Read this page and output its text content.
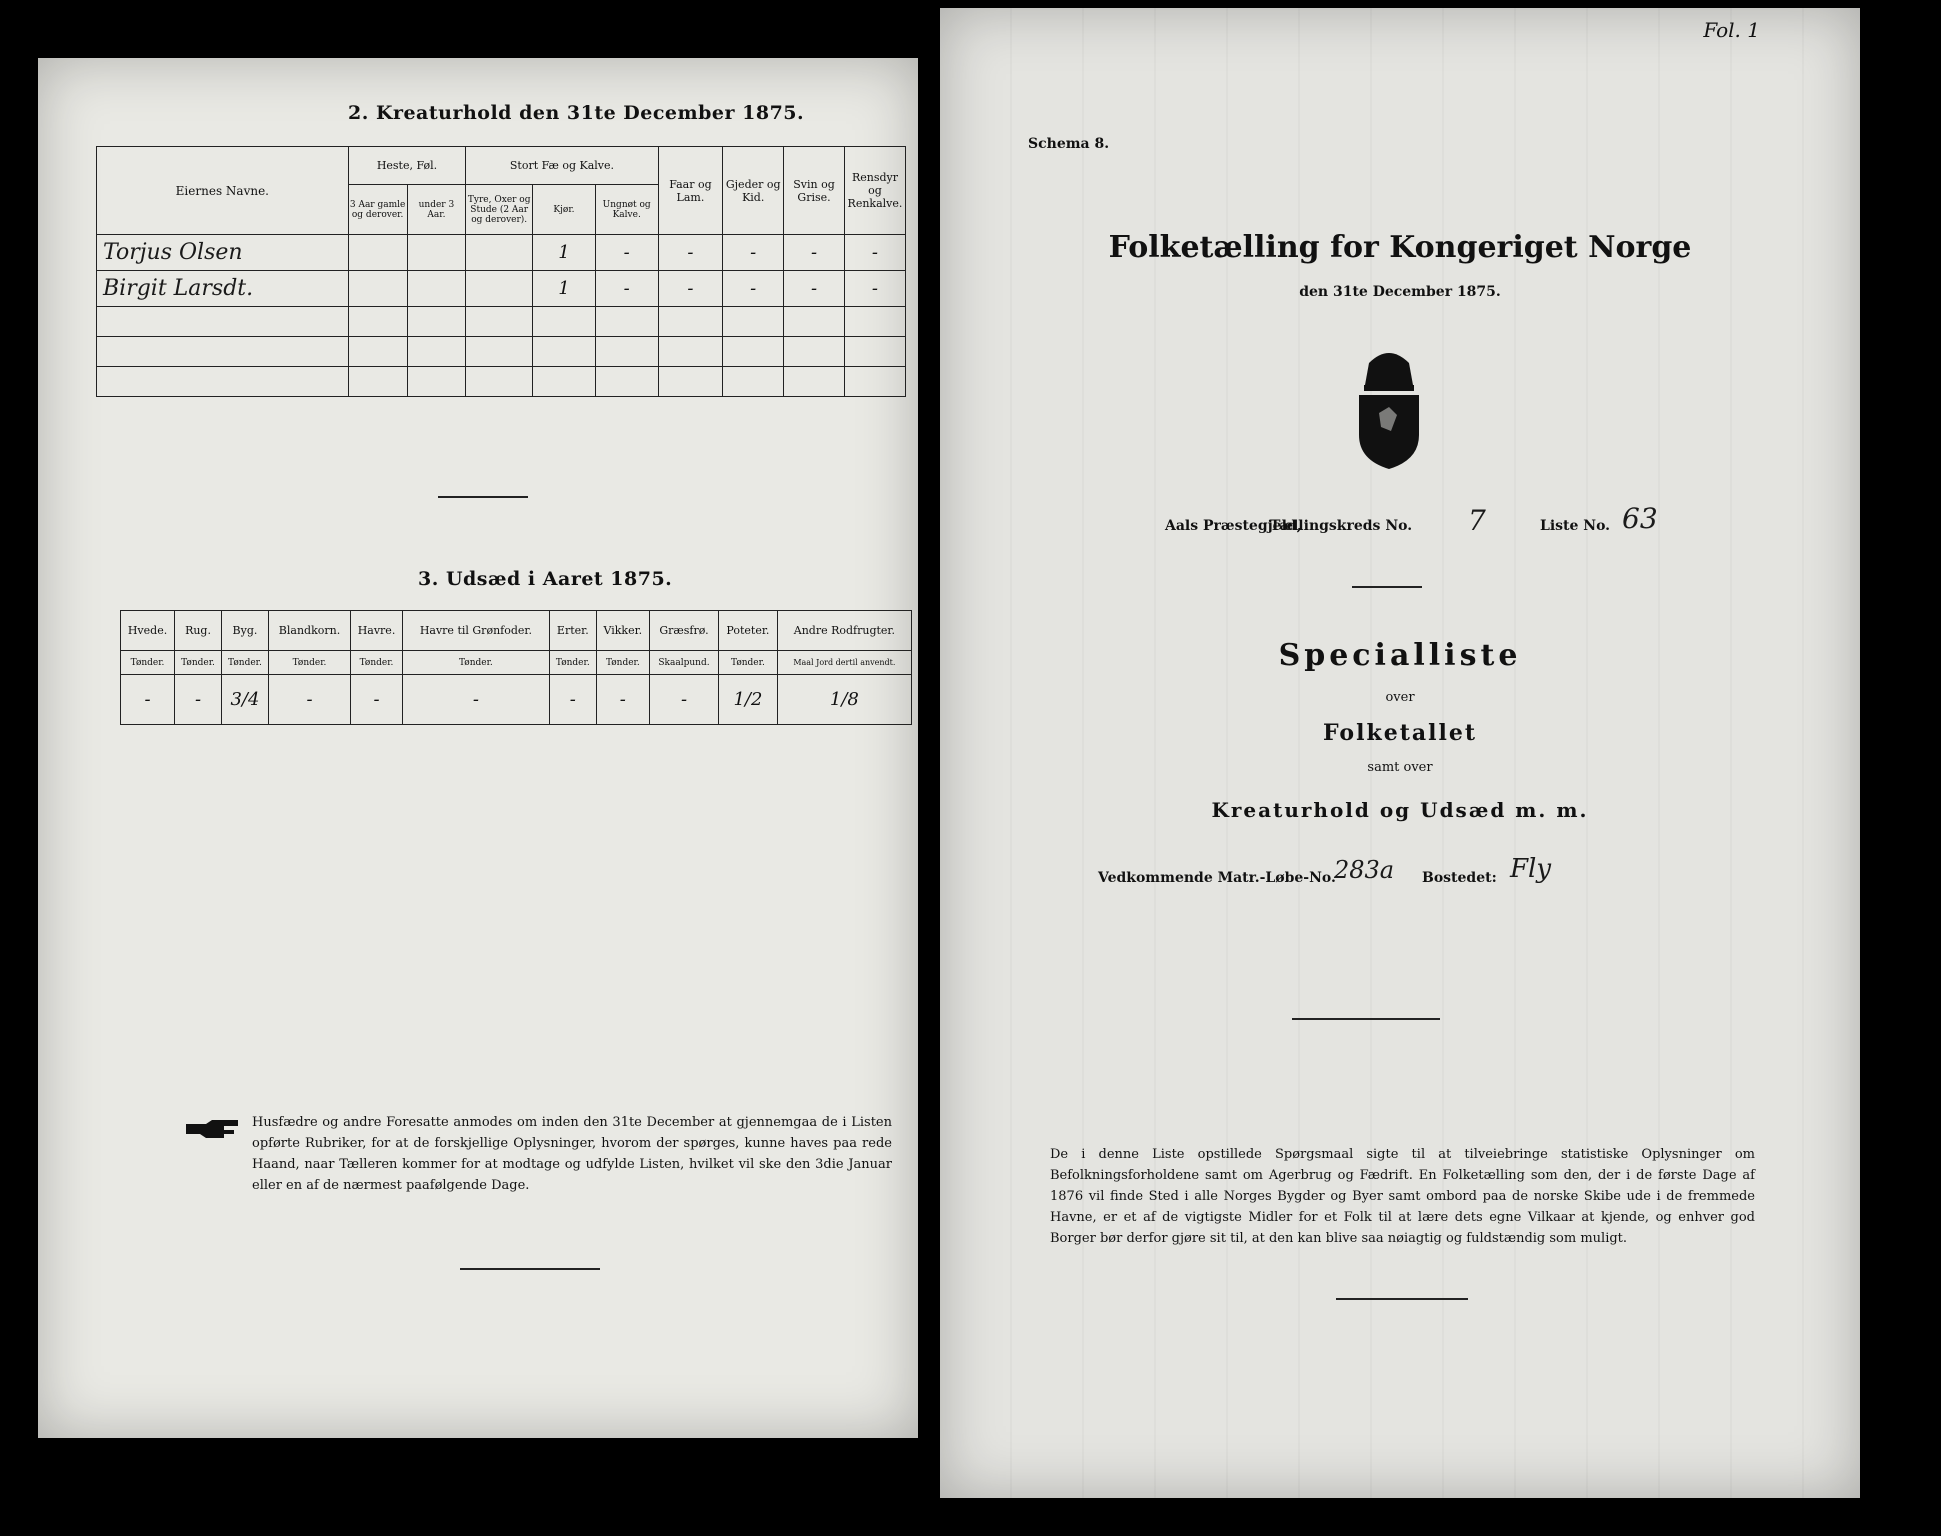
2. Kreaturhold den 31te December 1875.
Eiernes Navne.	Heste, Føl.		Stort Fæ og Kalve.			Faar og Lam.	Gjeder og Kid.	Svin og Grise.	Rensdyr og Renkalve.
	3 Aar gamle og derover.	under 3 Aar.	Tyre, Oxer og Stude (2 Aar og derover).	Kjør.	Ungnøt og Kalve.				
Torjus Olsen				1	-	-	-	-	-
Birgit Larsdt.				1	-	-	-	-	-

3. Udsæd i Aaret 1875.
Hvede.	Rug.	Byg.	Blandkorn.	Havre.	Havre til Grønfoder.	Erter.	Vikker.	Græsfrø.	Poteter.	Andre Rodfrugter.
Tønder.	Tønder.	Tønder.	Tønder.	Tønder.	Tønder.	Tønder.	Tønder.	Skaalpund.	Tønder.	Maal Jord dertil anvendt.
-	-	3/4	-	-	-	-	-	-	1/2	1/8
Husfædre og andre Foresatte anmodes om inden den 31te December at gjennemgaa de i Listen opførte Rubriker, for at de forskjellige Oplysninger, hvorom der spørges, kunne haves paa rede Haand, naar Tælleren kommer for at modtage og udfylde Listen, hvilket vil ske den 3die Januar eller en af de nærmest paafølgende Dage.
Schema 8.
Fol. 1
Folketælling for Kongeriget Norge
den 31te December 1875.
Aals Præstegjeld,
Tællingskreds No. 7	Liste No. 63
Specialliste
over
Folketallet
samt over
Kreaturhold og Udsæd m. m.
Vedkommende Matr.-Løbe-No.
283a Bostedet: Fly
De i denne Liste opstillede Spørgsmaal sigte til at tilveiebringe statistiske Oplysninger om Befolkningsforholdene samt om Agerbrug og Fædrift. En Folketælling som den, der i de første Dage af 1876 vil finde Sted i alle Norges Bygder og Byer samt ombord paa de norske Skibe ude i de fremmede Havne, er et af de vigtigste Midler for et Folk til at lære dets egne Vilkaar at kjende, og enhver god Borger bør derfor gjøre sit til, at den kan blive saa nøiagtig og fuldstændig som muligt.
